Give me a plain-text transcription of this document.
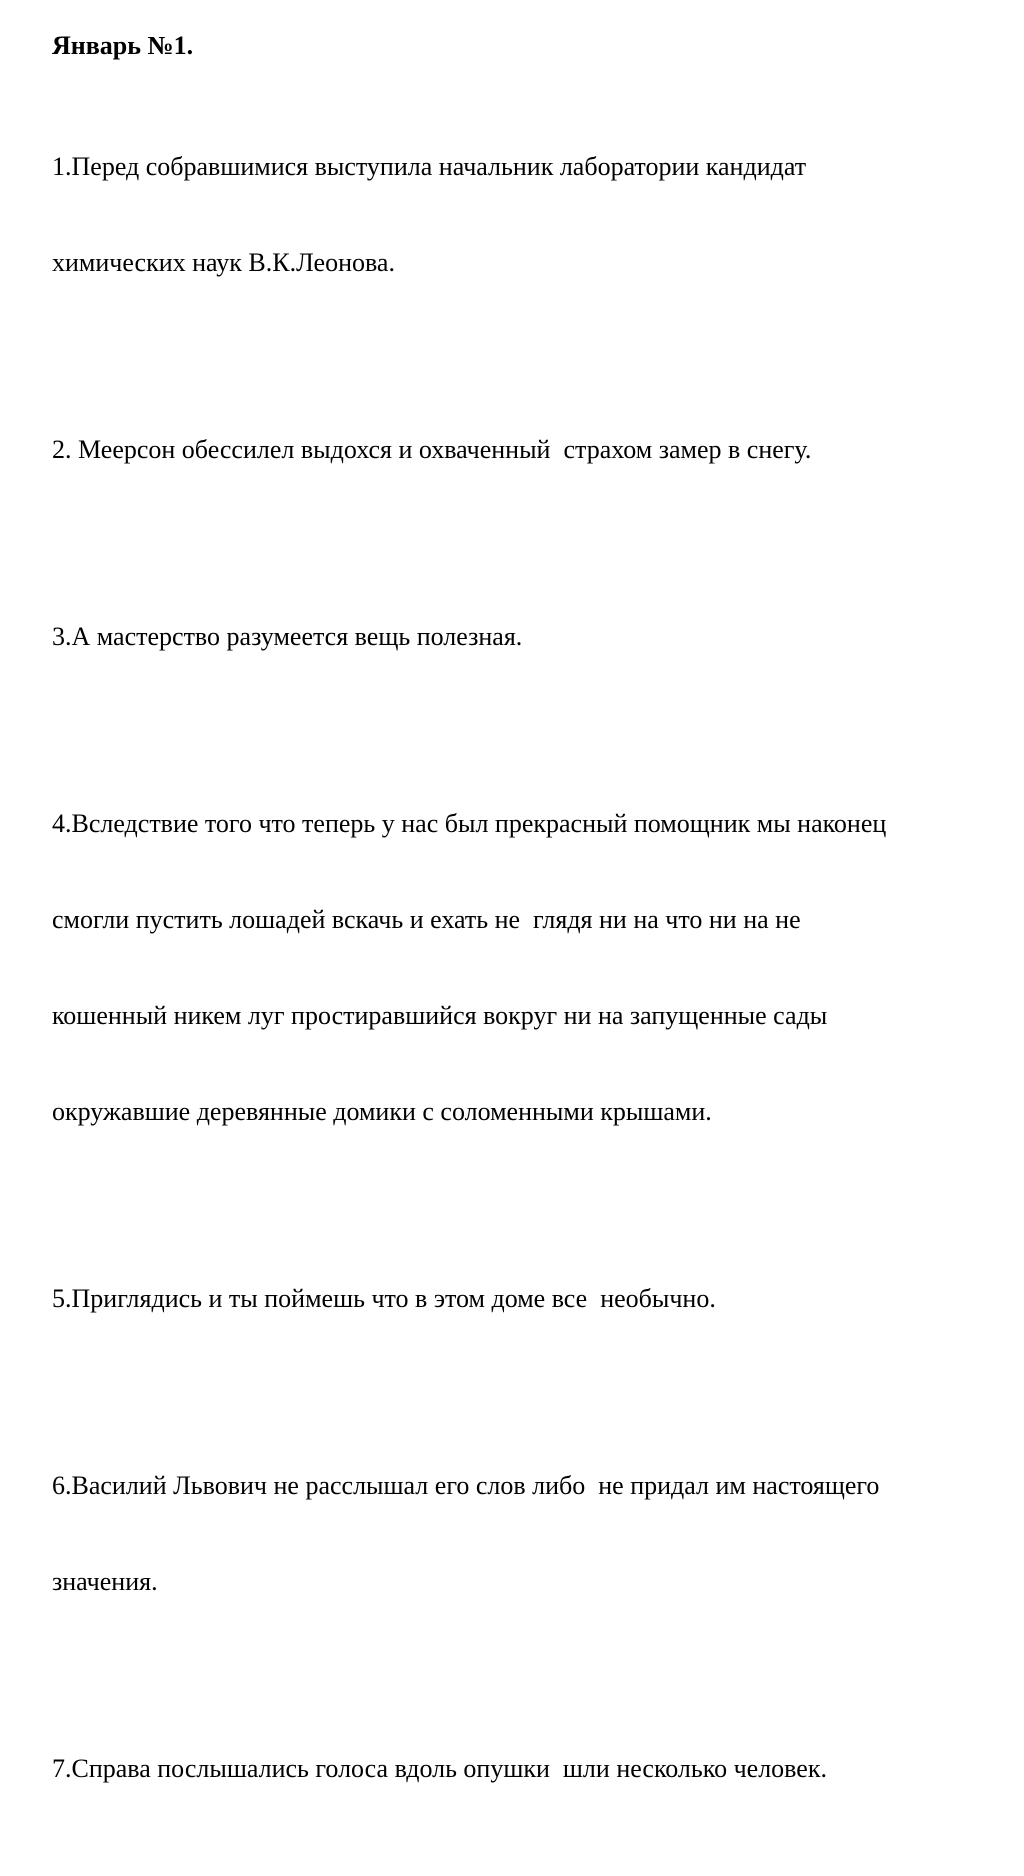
Январь №1.

1.Перед собравшимися выступила начальник лаборатории кандидат

химических наук В.К.Леонова.

2. Меерсон обессилел выдохся и охваченный  страхом замер в снегу.

3.А мастерство разумеется вещь полезная.

4.Вследствие того что теперь у нас был прекрасный помощник мы наконец

смогли пустить лошадей вскачь и ехать не  глядя ни на что ни на не

кошенный никем луг простиравшийся вокруг ни на запущенные сады

окружавшие деревянные домики с соломенными крышами.

5.Приглядись и ты поймешь что в этом доме все  необычно.

6.Василий Львович не расслышал его слов либо  не придал им настоящего

значения.

7.Справа послышались голоса вдоль опушки  шли несколько человек.
